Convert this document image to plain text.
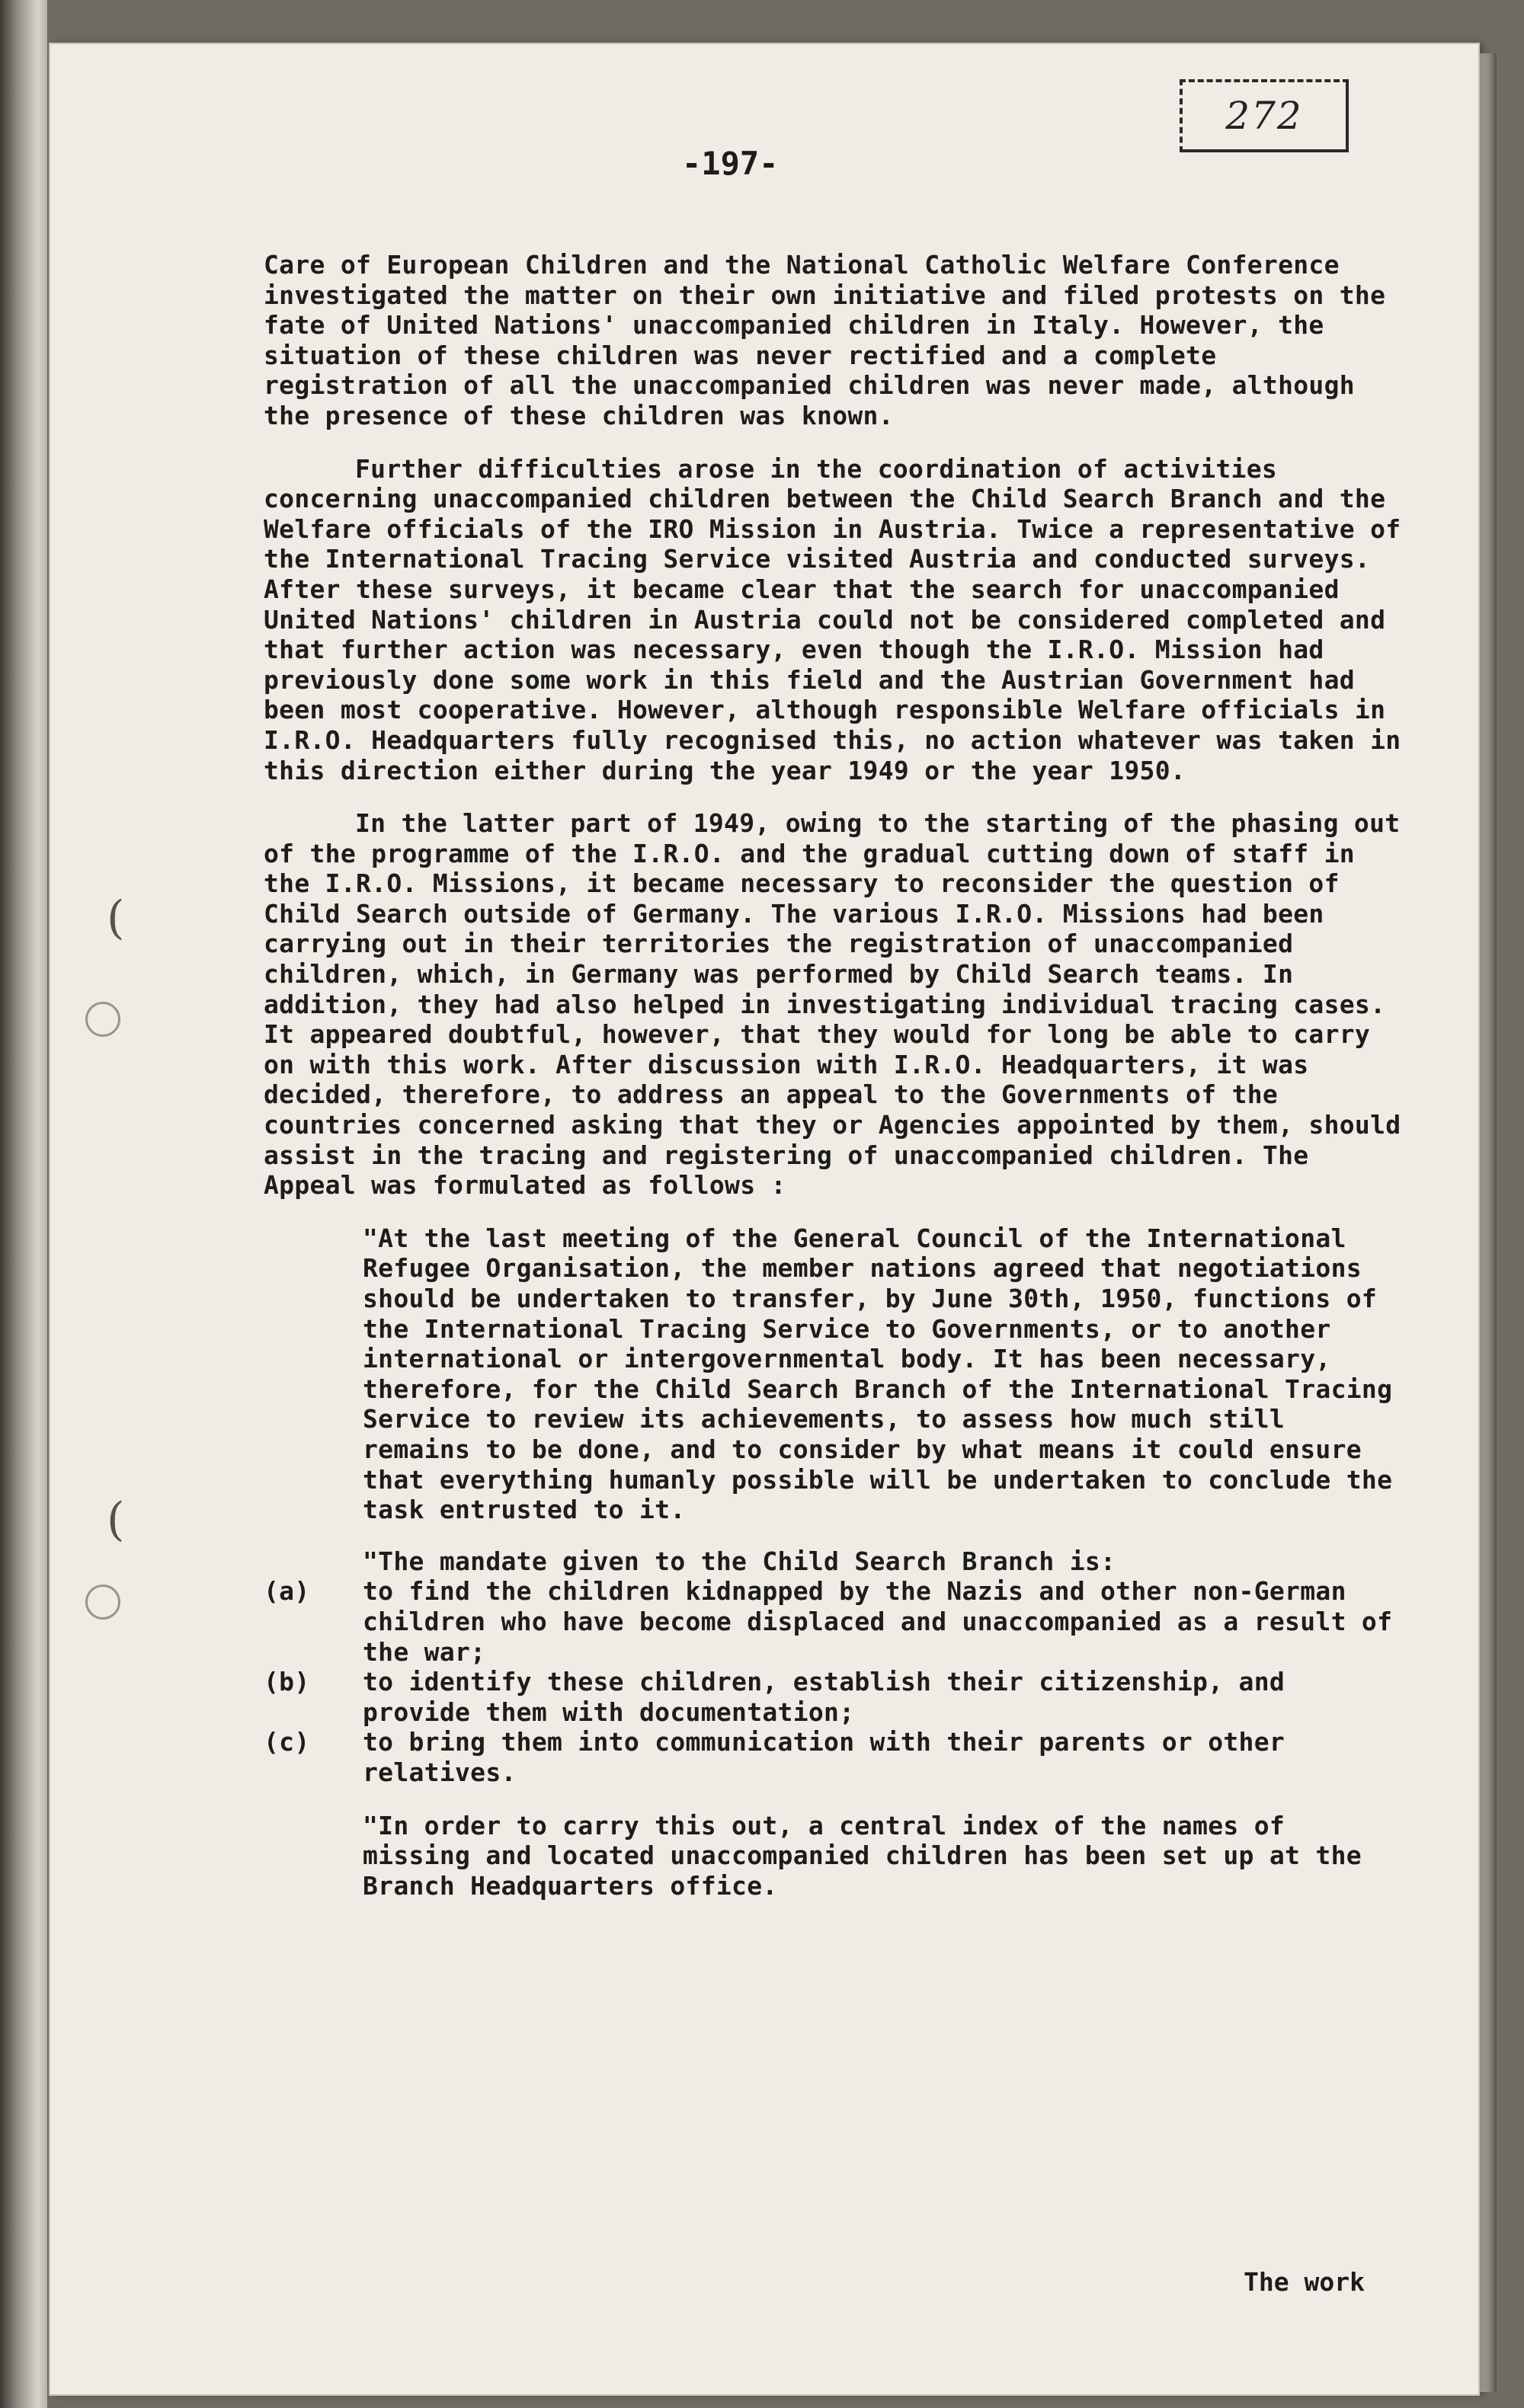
(
(
272
-197-

Care of European Children and the National Catholic Welfare Conference investigated the matter on their own initiative and filed protests on the fate of United Nations' unaccompanied children in Italy. However, the situation of these children was never rectified and a complete registration of all the unaccompanied children was never made, although the presence of these children was known.

Further difficulties arose in the coordination of activities concerning unaccompanied children between the Child Search Branch and the Welfare officials of the IRO Mission in Austria. Twice a representative of the International Tracing Service visited Austria and conducted surveys. After these surveys, it became clear that the search for unaccompanied United Nations' children in Austria could not be considered completed and that further action was necessary, even though the I.R.O. Mission had previously done some work in this field and the Austrian Government had been most cooperative. However, although responsible Welfare officials in I.R.O. Headquarters fully recognised this, no action whatever was taken in this direction either during the year 1949 or the year 1950.

In the latter part of 1949, owing to the starting of the phasing out of the programme of the I.R.O. and the gradual cutting down of staff in the I.R.O. Missions, it became necessary to reconsider the question of Child Search outside of Germany. The various I.R.O. Missions had been carrying out in their territories the registration of unaccompanied children, which, in Germany was performed by Child Search teams. In addition, they had also helped in investigating individual tracing cases. It appeared doubtful, however, that they would for long be able to carry on with this work. After discussion with I.R.O. Headquarters, it was decided, therefore, to address an appeal to the Governments of the countries concerned asking that they or Agencies appointed by them, should assist in the tracing and registering of unaccompanied children. The Appeal was formulated as follows :

"At the last meeting of the General Council of the International Refugee Organisation, the member nations agreed that negotiations should be undertaken to transfer, by June 30th, 1950, functions of the International Tracing Service to Governments, or to another international or intergovernmental body. It has been necessary, therefore, for the Child Search Branch of the International Tracing Service to review its achievements, to assess how much still remains to be done, and to consider by what means it could ensure that everything humanly possible will be undertaken to conclude the task entrusted to it.

"The mandate given to the Child Search Branch is:
(a)	to find the children kidnapped by the Nazis and other non-German children who have become displaced and unaccompanied as a result of the war;
(b)	to identify these children, establish their citizenship, and provide them with documentation;
(c)	to bring them into communication with their parents or other relatives.

"In order to carry this out, a central index of the names of missing and located unaccompanied children has been set up at the Branch Headquarters office.

The work
